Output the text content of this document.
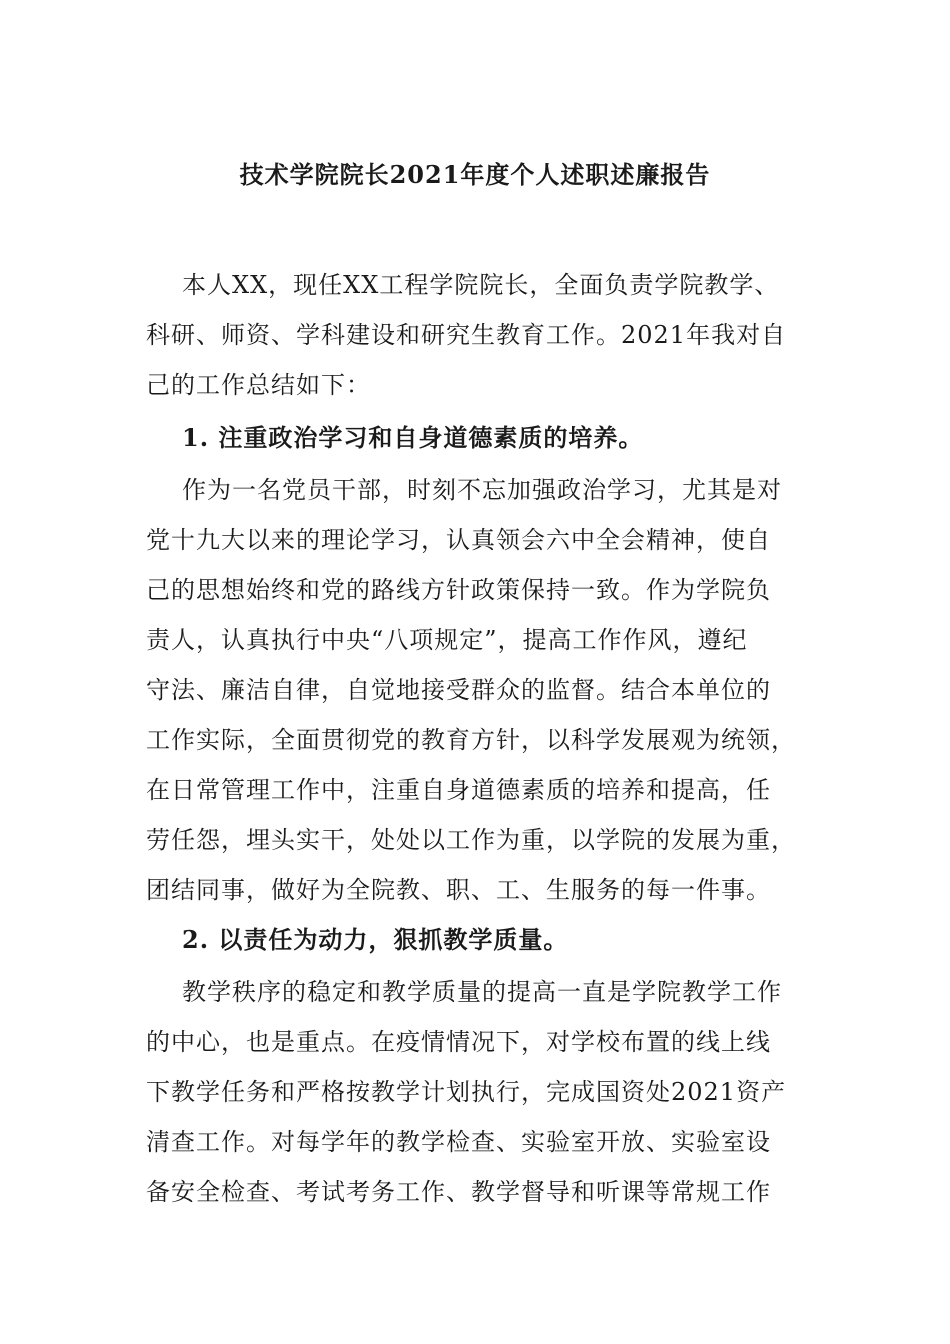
技术学院院长2021年度个人述职述廉报告
本人XX，现任XX工程学院院长，全面负责学院教学、
科研、师资、学科建设和研究生教育工作。2021年我对自
己的工作总结如下：
1. 注重政治学习和自身道德素质的培养。
作为一名党员干部，时刻不忘加强政治学习，尤其是对
党十九大以来的理论学习，认真领会六中全会精神，使自
己的思想始终和党的路线方针政策保持一致。作为学院负
责人，认真执行中央“八项规定”，提高工作作风，遵纪
守法、廉洁自律，自觉地接受群众的监督。结合本单位的
工作实际，全面贯彻党的教育方针，以科学发展观为统领，
在日常管理工作中，注重自身道德素质的培养和提高，任
劳任怨，埋头实干，处处以工作为重，以学院的发展为重，
团结同事，做好为全院教、职、工、生服务的每一件事。
2. 以责任为动力，狠抓教学质量。
教学秩序的稳定和教学质量的提高一直是学院教学工作
的中心，也是重点。在疫情情况下，对学校布置的线上线
下教学任务和严格按教学计划执行，完成国资处2021资产
清查工作。对每学年的教学检查、实验室开放、实验室设
备安全检查、考试考务工作、教学督导和听课等常规工作
